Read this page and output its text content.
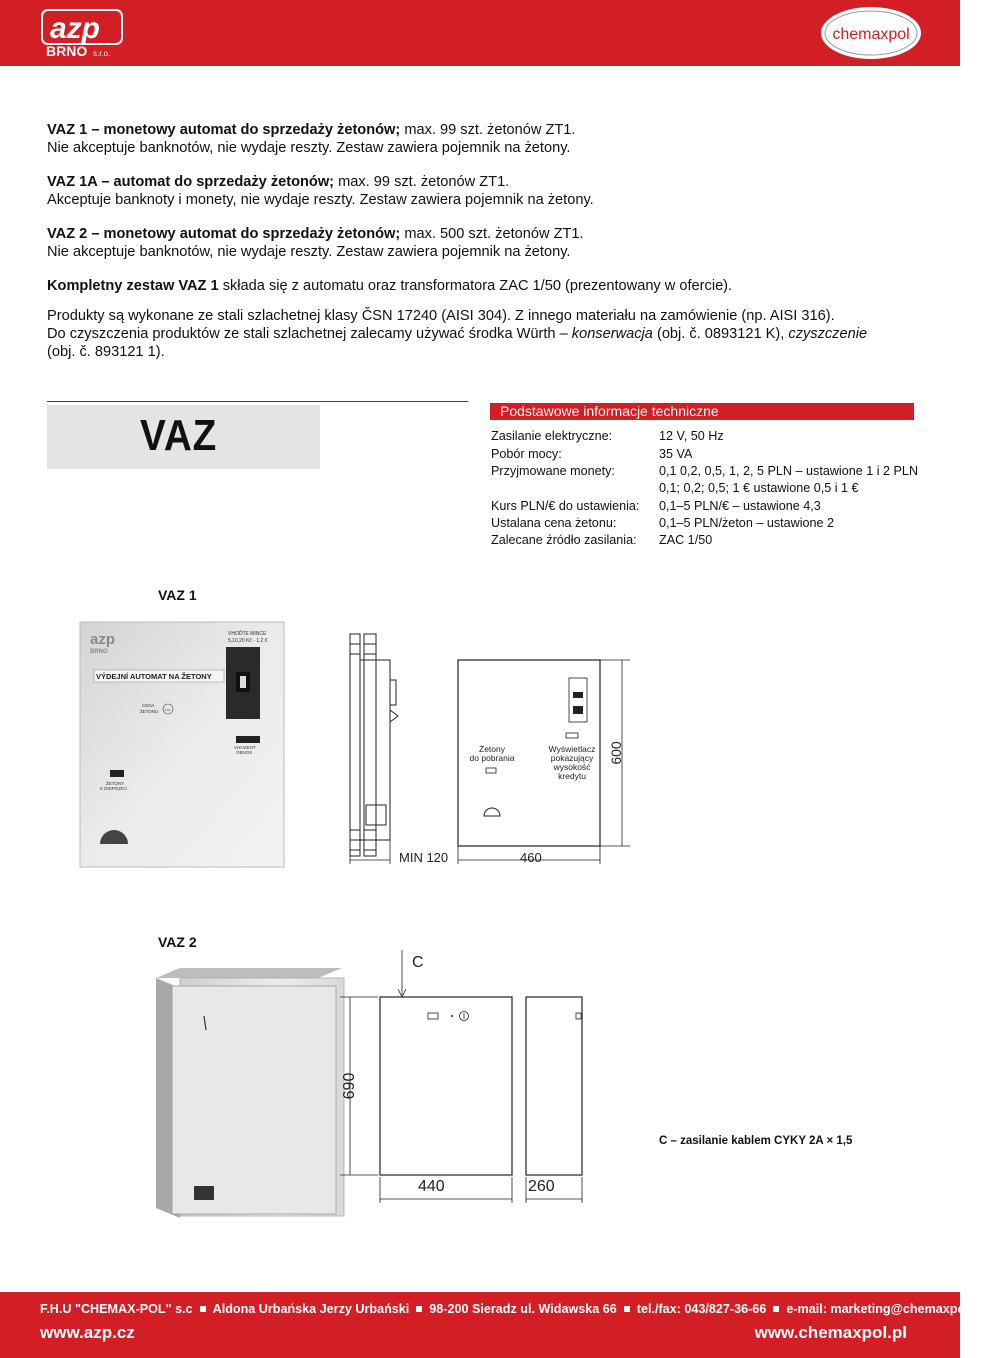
azp
BRNO s.r.o.
chemaxpol
VAZ 1 – monetowy automat do sprzedaży żetonów; max. 99 szt. żetonów ZT1.
Nie akceptuje banknotów, nie wydaje reszty. Zestaw zawiera pojemnik na żetony.
VAZ 1A – automat do sprzedaży żetonów; max. 99 szt. żetonów ZT1.
Akceptuje banknoty i monety, nie wydaje reszty. Zestaw zawiera pojemnik na żetony.
VAZ 2 – monetowy automat do sprzedaży żetonów; max. 500 szt. żetonów ZT1.
Nie akceptuje banknotów, nie wydaje reszty. Zestaw zawiera pojemnik na żetony.
Kompletny zestaw VAZ 1 składa się z automatu oraz transformatora ZAC 1/50 (prezentowany w ofercie).
Produkty są wykonane ze stali szlachetnej klasy ČSN 17240 (AISI 304). Z innego materiału na zamówienie (np. AISI 316).
Do czyszczenia produktów ze stali szlachetnej zalecamy używać środka Würth – konserwacja (obj. č. 0893121 K), czyszczenie
(obj. č. 893121 1).
VAZ	Podstawowe informacje techniczne
Zasilanie elektryczne:	12 V, 50 Hz
Pobór mocy:	35 VA
Przyjmowane monety:	0,1 0,2, 0,5, 1, 2, 5 PLN – ustawione 1 i 2 PLN
0,1; 0,2; 0,5; 1 € ustawione 0,5 i 1 €
Kurs PLN/€ do ustawienia: 0,1–5 PLN/€ – ustawione 4,3
Ustalana cena żetonu:	0,1–5 PLN/żeton – ustawione 2
Zalecane źródło zasilania: ZAC 1/50
VAZ 1
azp
BRNO
VHOĎTE MINCE
5,10,20 Kč - 1,2 €
VÝDEJNÍ AUTOMAT NA ŽETONY
CENA
ŽETONU 2 Kč
VHOZENÝ
OBNOS
ŽETONY
K DISPOZICI
Żetony
do pobrania
Wyświetlacz
pokazujący
wysokość
kredytu
600
MIN 120	460
VAZ 2
C
690
440	260
C – zasilanie kablem CYKY 2A × 1,5
F.H.U "CHEMAX-POL" s.c Aldona Urbańska Jerzy Urbański 98-200 Sieradz ul. Widawska 66 tel./fax: 043/827-36-66 e-mail: marketing@chemaxpol.pl
www.azp.cz	www.chemaxpol.pl
